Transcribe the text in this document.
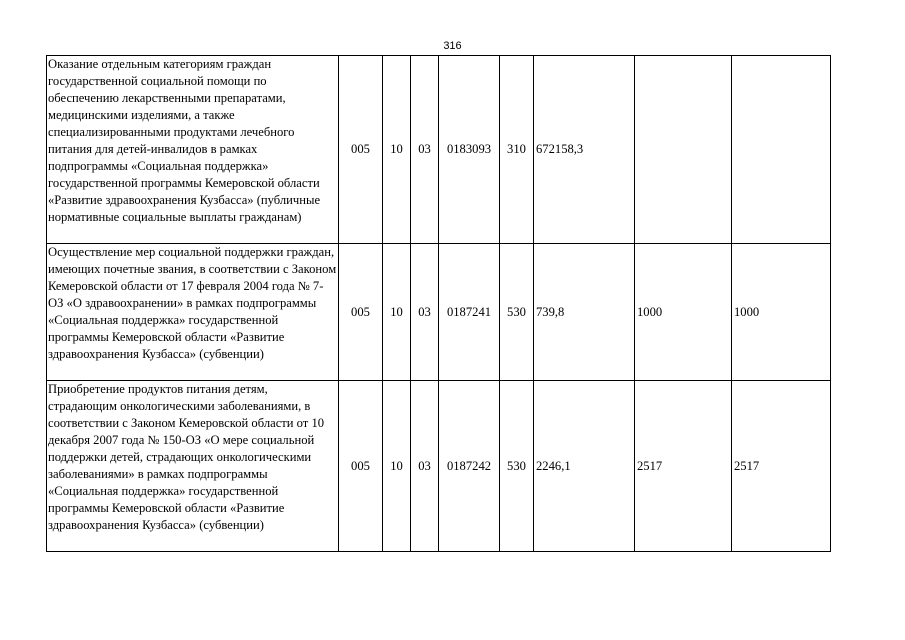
316
Оказание отдельным категориям граждан государственной социальной помощи по обеспечению лекарственными препаратами, медицинскими изделиями, а также специализированными продуктами лечебного питания для детей-инвалидов в рамках подпрограммы «Социальная поддержка» государственной программы Кемеровской области «Развитие здравоохранения Кузбасса» (публичные нормативные социальные выплаты гражданам)	005	10	03	0183093	310	672158,3		
Осуществление мер социальной поддержки граждан, имеющих почетные звания, в соответствии с Законом Кемеровской области от 17 февраля 2004 года № 7-ОЗ «О здравоохранении» в рамках подпрограммы «Социальная поддержка» государственной программы Кемеровской области «Развитие здравоохранения Кузбасса» (субвенции)	005	10	03	0187241	530	739,8	1000	1000
Приобретение продуктов питания детям, страдающим онкологическими заболеваниями, в соответствии с Законом Кемеровской области от 10 декабря 2007 года № 150-ОЗ «О мере социальной поддержки детей, страдающих онкологическими заболеваниями» в рамках подпрограммы «Социальная поддержка» государственной программы Кемеровской области «Развитие здравоохранения Кузбасса» (субвенции)	005	10	03	0187242	530	2246,1	2517	2517
